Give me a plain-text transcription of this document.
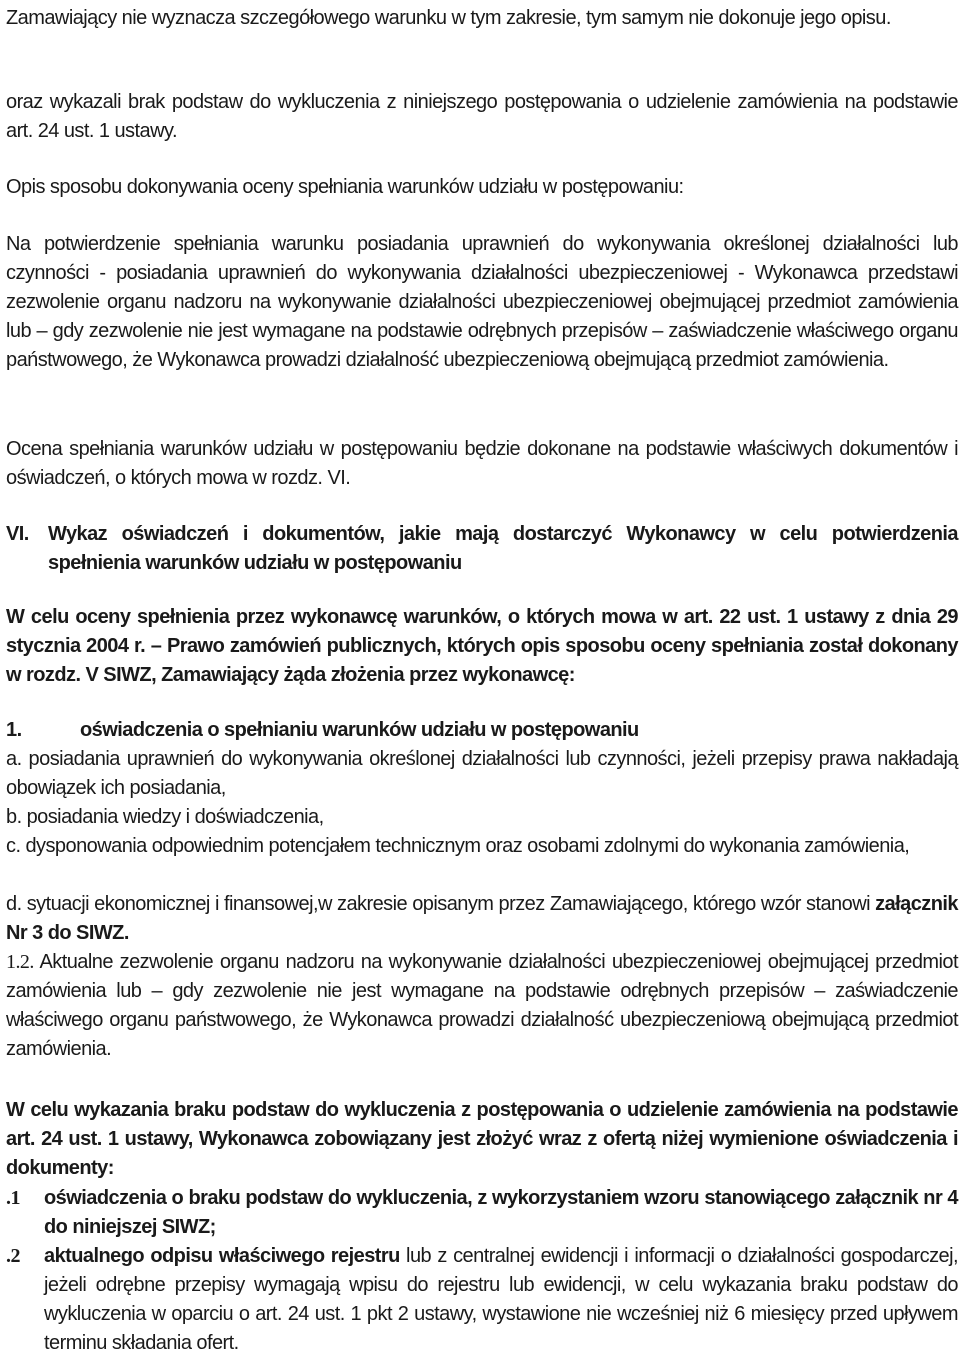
Zamawiający nie wyznacza szczegółowego warunku w tym zakresie, tym samym nie dokonuje jego opisu.

oraz wykazali brak podstaw do wykluczenia z niniejszego postępowania o udzielenie zamówienia na podstawie art. 24 ust. 1 ustawy.

Opis sposobu dokonywania oceny spełniania warunków udziału w postępowaniu:

Na potwierdzenie spełniania warunku posiadania uprawnień do wykonywania określonej działalności lub czynności - posiadania uprawnień do wykonywania działalności ubezpieczeniowej - Wykonawca przedstawi zezwolenie organu nadzoru na wykonywanie działalności ubezpieczeniowej obejmującej przedmiot zamówienia lub – gdy zezwolenie nie jest wymagane na podstawie odrębnych przepisów – zaświadczenie właściwego organu państwowego, że Wykonawca prowadzi działalność ubezpieczeniową obejmującą przedmiot zamówienia.

Ocena spełniania warunków udziału w postępowaniu będzie dokonane na podstawie właściwych dokumentów i oświadczeń, o których mowa w rozdz. VI.

VI. Wykaz oświadczeń i dokumentów, jakie mają dostarczyć Wykonawcy w celu potwierdzenia spełnienia warunków udziału w postępowaniu

W celu oceny spełnienia przez wykonawcę warunków, o których mowa w art. 22 ust. 1 ustawy z dnia 29 stycznia 2004 r. – Prawo zamówień publicznych, których opis sposobu oceny spełniania został dokonany w rozdz. V SIWZ, Zamawiający żąda złożenia przez wykonawcę:

1.	oświadczenia o spełnianiu warunków udziału w postępowaniu

a. posiadania uprawnień do wykonywania określonej działalności lub czynności, jeżeli przepisy prawa nakładają obowiązek ich posiadania,

b. posiadania wiedzy i doświadczenia,

c. dysponowania odpowiednim potencjałem technicznym oraz osobami zdolnymi do wykonania zamówienia,

d. sytuacji ekonomicznej i finansowej,w zakresie opisanym przez Zamawiającego, którego wzór stanowi załącznik Nr 3 do SIWZ.

1.2. Aktualne zezwolenie organu nadzoru na wykonywanie działalności ubezpieczeniowej obejmującej przedmiot zamówienia lub – gdy zezwolenie nie jest wymagane na podstawie odrębnych przepisów – zaświadczenie właściwego organu państwowego, że Wykonawca prowadzi działalność ubezpieczeniową obejmującą przedmiot zamówienia.

W celu wykazania braku podstaw do wykluczenia z postępowania o udzielenie zamówienia na podstawie art. 24 ust. 1 ustawy, Wykonawca zobowiązany jest złożyć wraz z ofertą niżej wymienione oświadczenia i dokumenty:

.1 oświadczenia o braku podstaw do wykluczenia, z wykorzystaniem wzoru stanowiącego załącznik nr 4 do niniejszej SIWZ;
.2 aktualnego odpisu właściwego rejestru lub z centralnej ewidencji i informacji o działalności gospodarczej, jeżeli odrębne przepisy wymagają wpisu do rejestru lub ewidencji, w celu wykazania braku podstaw do wykluczenia w oparciu o art. 24 ust. 1 pkt 2 ustawy, wystawione nie wcześniej niż 6 miesięcy przed upływem terminu składania ofert.
